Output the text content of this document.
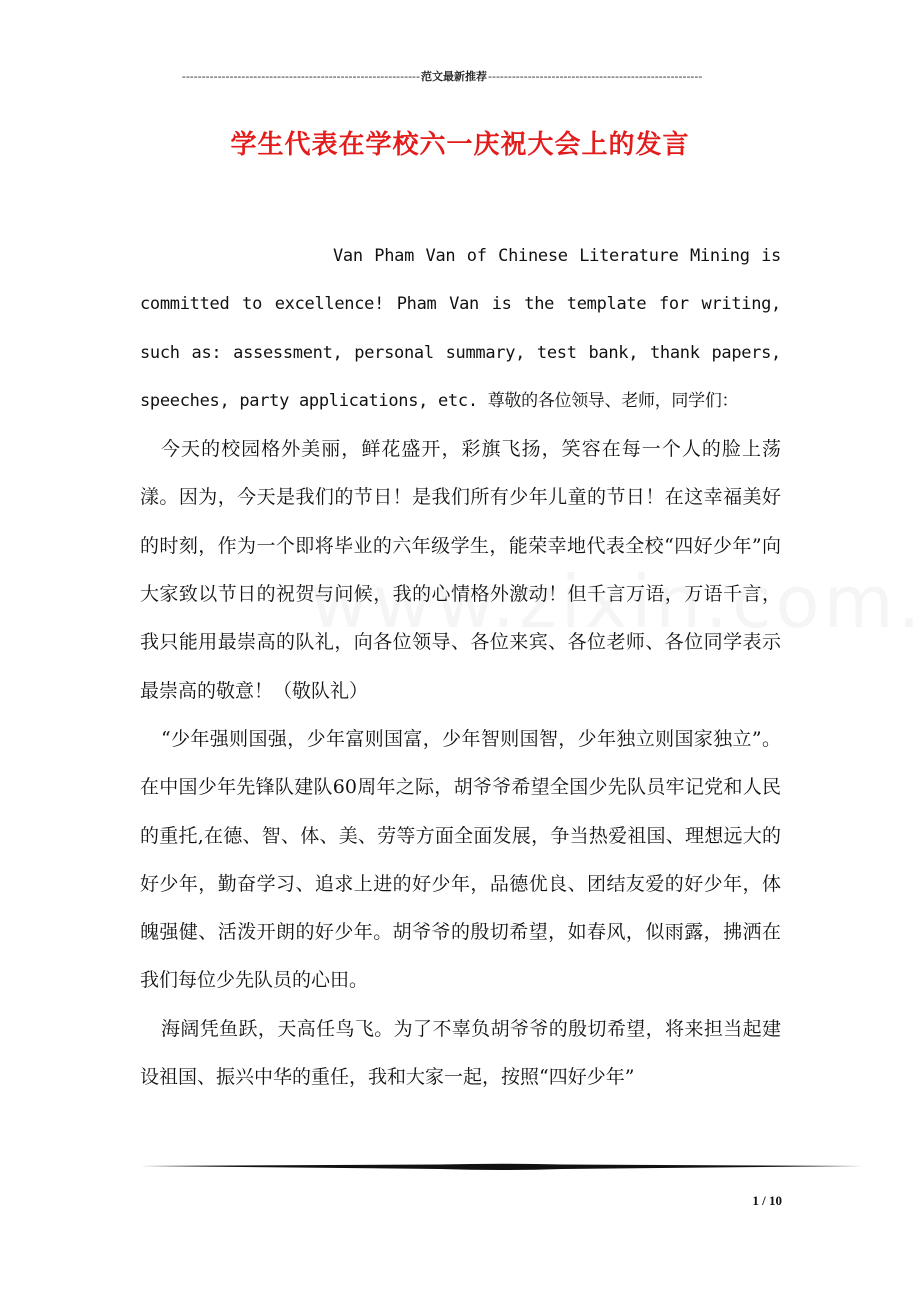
------------------------------------------------------------ 范文最新推荐 ------------------------------------------------------
学生代表在学校六一庆祝大会上的发言

Van Pham Van of Chinese Literature Mining is committed to excellence! Pham Van is the template for writing, such as: assessment, personal summary, test bank, thank papers, speeches, party applications, etc. 尊敬的各位领导、老师，同学们：

今天的校园格外美丽，鲜花盛开，彩旗飞扬，笑容在每一个人的脸上荡漾。因为，今天是我们的节日！是我们所有少年儿童的节日！在这幸福美好的时刻，作为一个即将毕业的六年级学生，能荣幸地代表全校“四好少年”向大家致以节日的祝贺与问候，我的心情格外激动！但千言万语，万语千言，我只能用最崇高的队礼，向各位领导、各位来宾、各位老师、各位同学表示最崇高的敬意！（敬队礼）

“少年强则国强，少年富则国富，少年智则国智，少年独立则国家独立”。在中国少年先锋队建队60周年之际，胡爷爷希望全国少先队员牢记党和人民的重托,在德、智、体、美、劳等方面全面发展，争当热爱祖国、理想远大的好少年，勤奋学习、追求上进的好少年，品德优良、团结友爱的好少年，体魄强健、活泼开朗的好少年。胡爷爷的殷切希望，如春风，似雨露，拂洒在我们每位少先队员的心田。

海阔凭鱼跃，天高任鸟飞。为了不辜负胡爷爷的殷切希望，将来担当起建设祖国、振兴中华的重任，我和大家一起，按照“四好少年”

1 / 10
